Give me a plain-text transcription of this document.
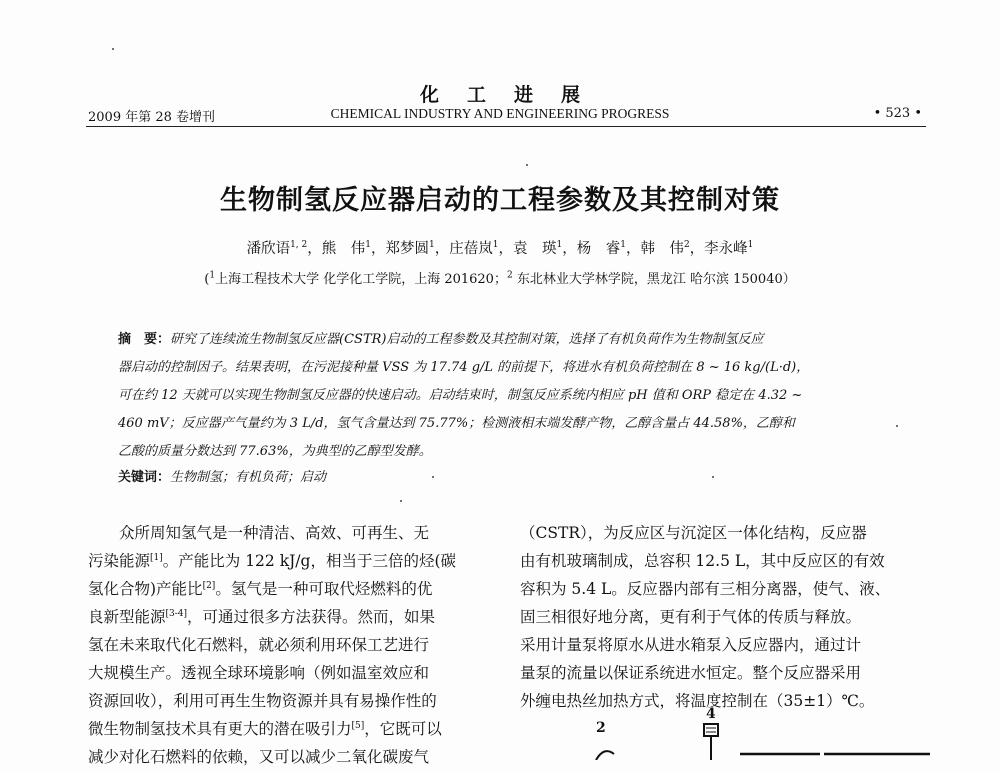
化工进展
2009 年第 28 卷增刊	CHEMICAL INDUSTRY AND ENGINEERING PROGRESS	• 523 •
生物制氢反应器启动的工程参数及其控制对策
潘欣语$^{1, 2}$，熊　伟$^1$，郑梦圆$^1$，庄蓓岚$^1$，袁　瑛$^1$，杨　睿$^1$，韩　伟$^2$，李永峰$^1$
($^1$上海工程技术大学 化学化工学院，上海 201620；$^2$ 东北林业大学林学院，黑龙江 哈尔滨 150040）
摘　要：研究了连续流生物制氢反应器(CSTR)启动的工程参数及其控制对策，选择了有机负荷作为生物制氢反应
器启动的控制因子。结果表明，在污泥接种量 VSS 为 17.74 g/L 的前提下，将进水有机负荷控制在 8 ~ 16 kg/(L·d)，
可在约 12 天就可以实现生物制氢反应器的快速启动。启动结束时，制氢反应系统内相应 pH 值和 ORP 稳定在 4.32 ~
460 mV；反应器产气量约为 3 L/d，氢气含量达到 75.77%；检测液相末端发酵产物，乙醇含量占 44.58%，乙醇和
乙酸的质量分数达到 77.63%，为典型的乙醇型发酵。
关键词：生物制氢；有机负荷；启动
众所周知氢气是一种清洁、高效、可再生、无
污染能源[1]。产能比为 122 kJ/g，相当于三倍的烃(碳
氢化合物)产能比[2]。氢气是一种可取代烃燃料的优
良新型能源[3-4]，可通过很多方法获得。然而，如果
氢在未来取代化石燃料，就必须利用环保工艺进行
大规模生产。透视全球环境影响（例如温室效应和
资源回收），利用可再生生物资源并具有易操作性的
微生物制氢技术具有更大的潜在吸引力[5]，它既可以
减少对化石燃料的依赖，又可以减少二氧化碳废气
（CSTR），为反应区与沉淀区一体化结构，反应器
由有机玻璃制成，总容积 12.5 L，其中反应区的有效
容积为 5.4 L。反应器内部有三相分离器，使气、液、
固三相很好地分离，更有利于气体的传质与释放。
采用计量泵将原水从进水箱泵入反应器内，通过计
量泵的流量以保证系统进水恒定。整个反应器采用
外缠电热丝加热方式，将温度控制在（35±1）℃。
2
4
